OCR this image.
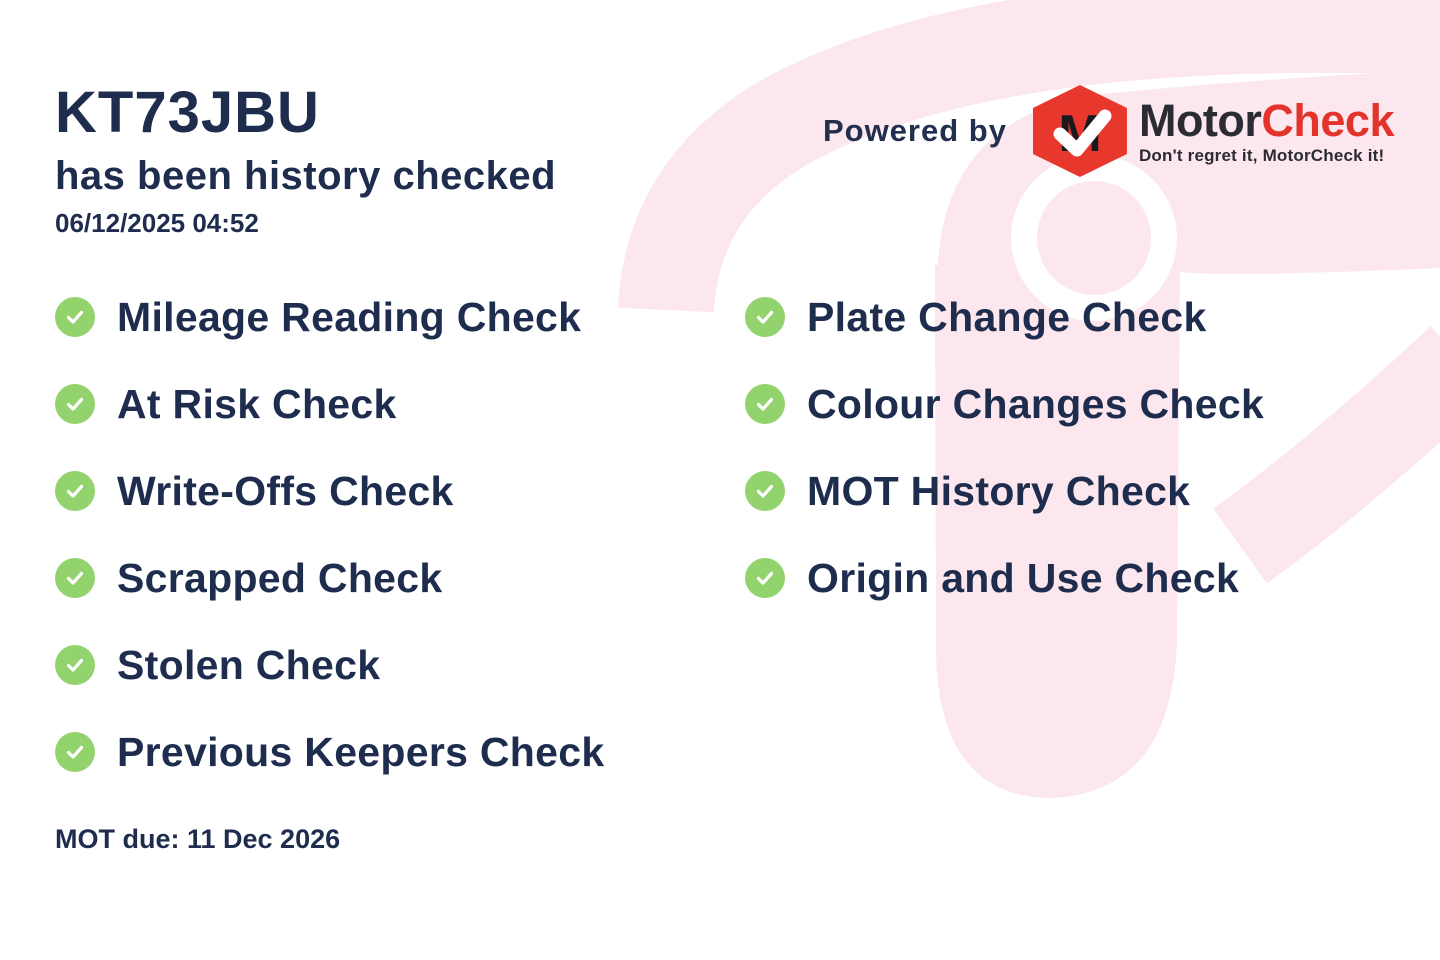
KT73JBU
has been history checked
06/12/2025 04:52
Powered by M MotorCheck
Don't regret it, MotorCheck it!
Mileage Reading Check
At Risk Check
Write-Offs Check
Scrapped Check
Stolen Check
Previous Keepers Check
Plate Change Check
Colour Changes Check
MOT History Check
Origin and Use Check
MOT due: 11 Dec 2026
